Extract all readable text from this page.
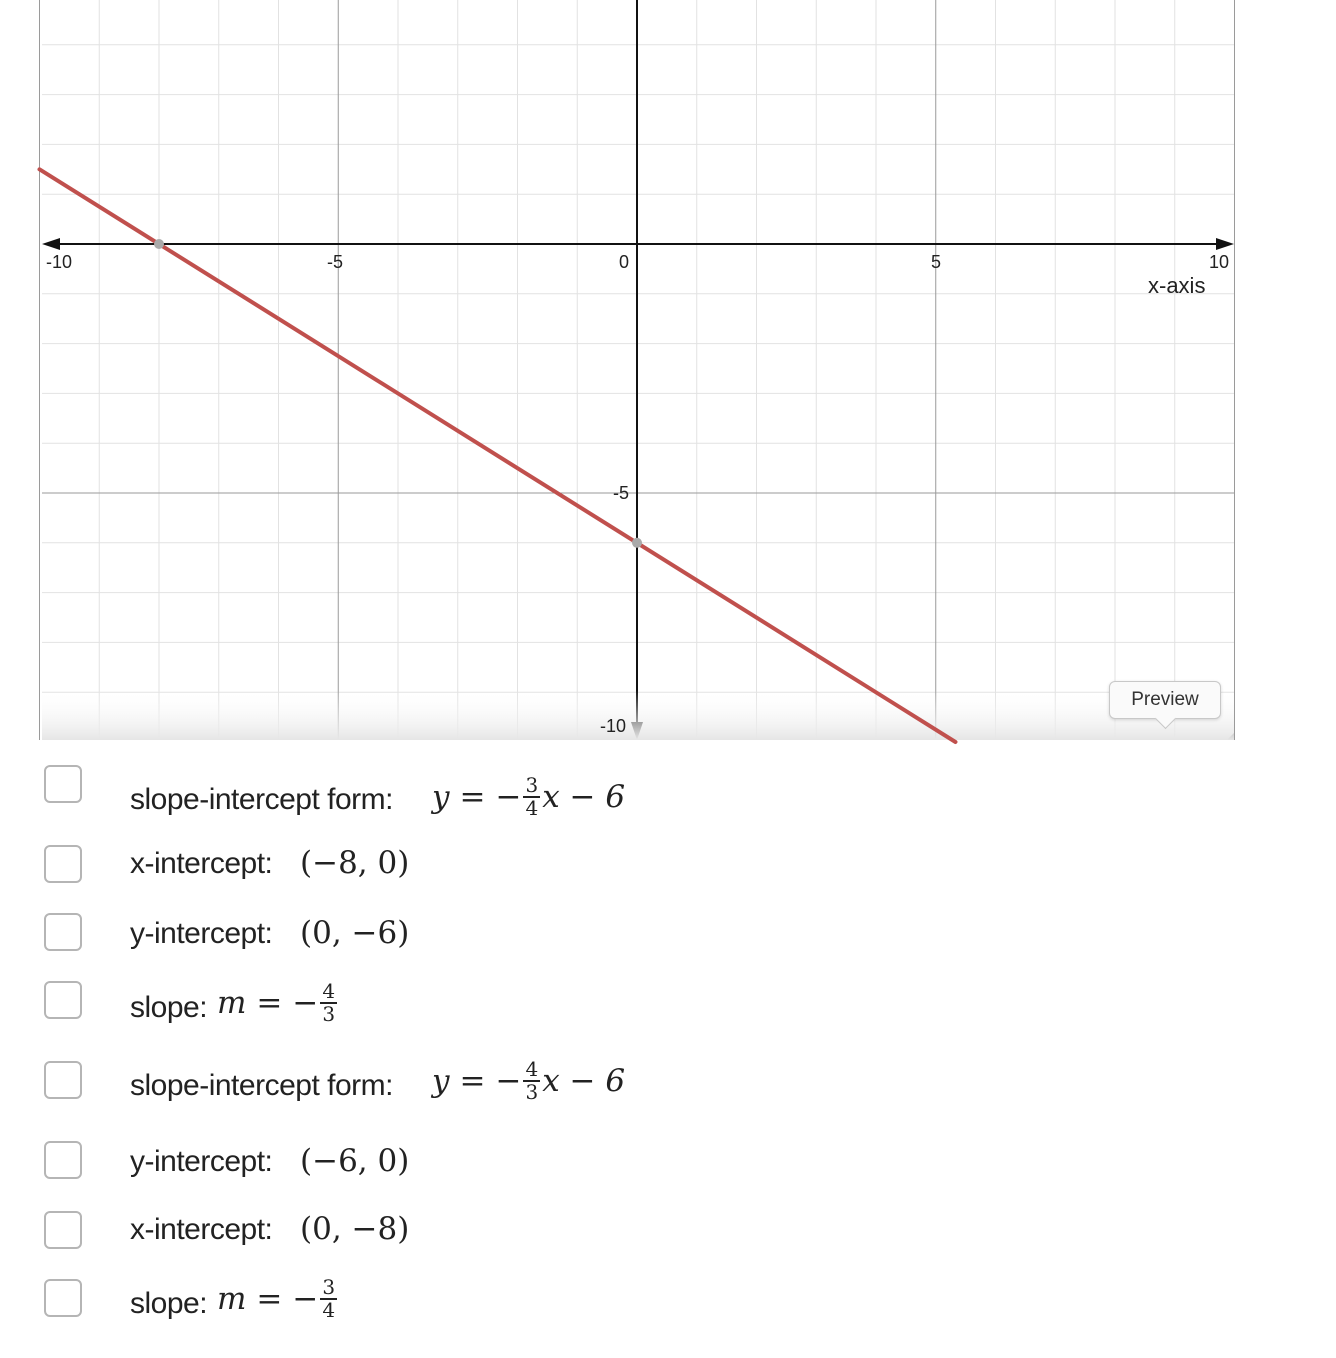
-10	-5	0	5	10
-5
-10
x-axis
Preview
slope-intercept form: y = − $\frac{3}{4}$ x − 6
x-intercept: (−8, 0)
y-intercept: (0, −6)
slope: m = − $\frac{4}{3}$
slope-intercept form: y = − $\frac{4}{3}$ x − 6
y-intercept: (−6, 0)
x-intercept: (0, −8)
slope: m = − $\frac{3}{4}$
